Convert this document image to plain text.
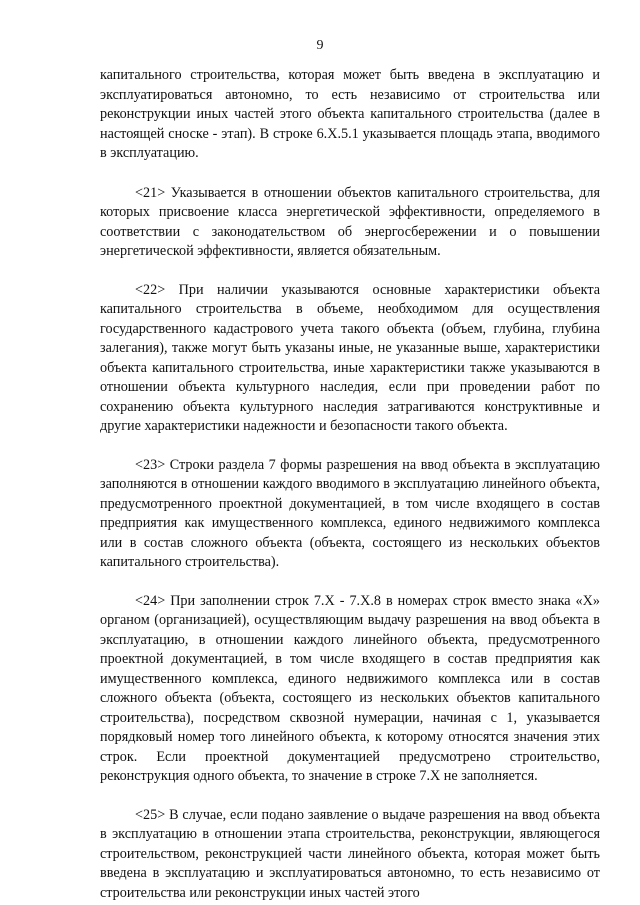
9

капитального строительства, которая может быть введена в эксплуатацию и эксплуатироваться автономно, то есть независимо от строительства или реконструкции иных частей этого объекта капитального строительства (далее в настоящей сноске - этап). В строке 6.X.5.1 указывается площадь этапа, вводимого в эксплуатацию.

<21> Указывается в отношении объектов капитального строительства, для которых присвоение класса энергетической эффективности, определяемого в соответствии с законодательством об энергосбережении и о повышении энергетической эффективности, является обязательным.

<22> При наличии указываются основные характеристики объекта капитального строительства в объеме, необходимом для осуществления государственного кадастрового учета такого объекта (объем, глубина, глубина залегания), также могут быть указаны иные, не указанные выше, характеристики объекта капитального строительства, иные характеристики также указываются в отношении объекта культурного наследия, если при проведении работ по сохранению объекта культурного наследия затрагиваются конструктивные и другие характеристики надежности и безопасности такого объекта.

<23> Строки раздела 7 формы разрешения на ввод объекта в эксплуатацию заполняются в отношении каждого вводимого в эксплуатацию линейного объекта, предусмотренного проектной документацией, в том числе входящего в состав предприятия как имущественного комплекса, единого недвижимого комплекса или в состав сложного объекта (объекта, состоящего из нескольких объектов капитального строительства).

<24> При заполнении строк 7.X - 7.X.8 в номерах строк вместо знака «X» органом (организацией), осуществляющим выдачу разрешения на ввод объекта в эксплуатацию, в отношении каждого линейного объекта, предусмотренного проектной документацией, в том числе входящего в состав предприятия как имущественного комплекса, единого недвижимого комплекса или в состав сложного объекта (объекта, состоящего из нескольких объектов капитального строительства), посредством сквозной нумерации, начиная с 1, указывается порядковый номер того линейного объекта, к которому относятся значения этих строк. Если проектной документацией предусмотрено строительство, реконструкция одного объекта, то значение в строке 7.X не заполняется.

<25> В случае, если подано заявление о выдаче разрешения на ввод объекта в эксплуатацию в отношении этапа строительства, реконструкции, являющегося строительством, реконструкцией части линейного объекта, которая может быть введена в эксплуатацию и эксплуатироваться автономно, то есть независимо от строительства или реконструкции иных частей этого
